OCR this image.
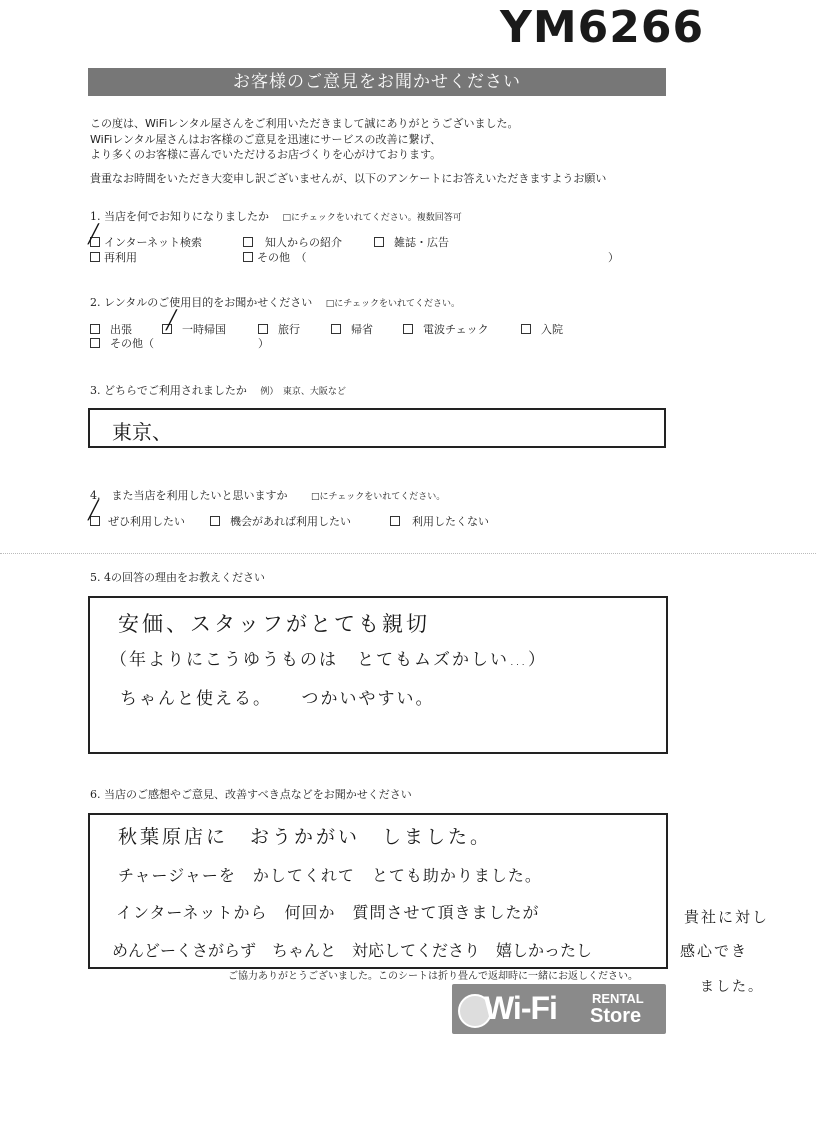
YM6266
お客様のご意見をお聞かせください
この度は、WiFiレンタル屋さんをご利用いただきまして誠にありがとうございました。
WiFiレンタル屋さんはお客様のご意見を迅速にサービスの改善に繋げ、
より多くのお客様に喜んでいただけるお店づくりを心がけております。
貴重なお時間をいただき大変申し訳ございませんが、以下のアンケートにお答えいただきますようお願い
1. 当店を何でお知りになりましたか □にチェックをいれてください。複数回答可
インターネット検索
╱	知人からの紹介	雑誌・広告
再利用	その他　（	）
2. レンタルのご使用目的をお聞かせください □にチェックをいれてください。
出張	一時帰国
╱	旅行	帰省	電波チェック	入院
その他（	）
3. どちらでご利用されましたか 例）　東京、大阪など
東京、
4.　また当店を利用したいと思いますか	□にチェックをいれてください。
ぜひ利用したい
╱
機会があれば利用したい	利用したくない
5. 4の回答の理由をお教えください
安価、スタッフがとても親切
（年よりにこうゆうものは　とてもムズかしい…）
ちゃんと使える。　　つかいやすい。
6. 当店のご感想やご意見、改善すべき点などをお聞かせください
秋葉原店に　おうかがい　しました。
チャージャーを　かしてくれて　とても助かりました。
インターネットから　何回か　質問させて頂きましたが
めんどーくさがらず　ちゃんと　対応してくださり　嬉しかったし
貴社に対し
感心でき
ました。
ご協力ありがとうございました。このシートは折り畳んで返却時に一緒にお返しください。
Wi-Fi	RENTAL
Store
